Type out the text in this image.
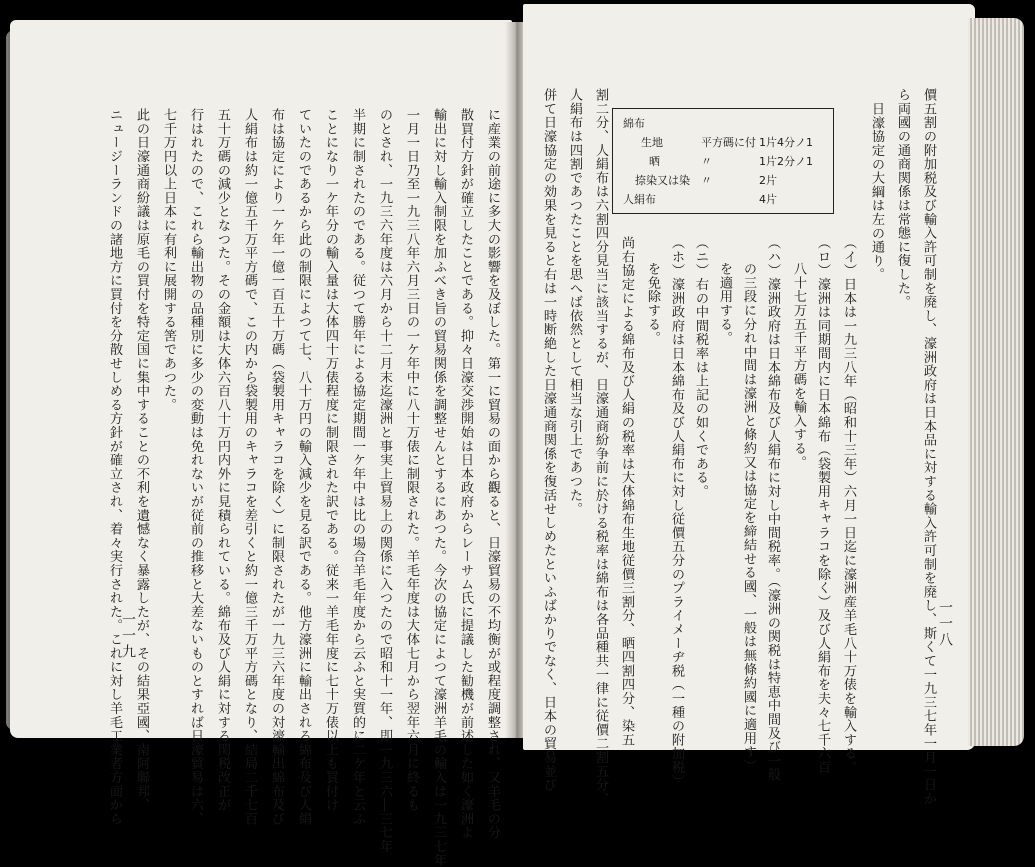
に産業の前途に多大の影響を及ぼした。第一に貿易の面から觀ると、日濠貿易の不均衡が或程度調整され、又羊毛の分
散買付方針が確立したことである。抑々日濠交渉開始は日本政府からレーサム氏に提議した勧機が前述した如く濠洲よ
輸出に対し輸入制限を加ふべき旨の貿易関係を調整せんとするにあつた。今次の協定によつて濠洲羊毛の輸入は一九三七年
一月一日乃至一九三八年六月三日の一ケ年中に八十万俵に制限された。羊毛年度は大体七月から翌年六月に終るも
のとされ、一九三六年度は六月から十二月末迄濠洲と事実上貿易上の関係に入つたので昭和十一年、即一九三六―三七年
半期に制されたのである。従つて勝年による協定期間一ケ年中は比の場合羊毛年度から云ふと実質的に二ケ年と云ふ
ことになり一ケ年分の輸入量は大体四十万俵程度に制限された訳である。従来一羊毛年度に七十万俵以上も買付け
ていたのであるから此の制限によつて七、八十万円の輸入減少を見る訳である。他方濠洲に輸出される綿布及び人絹
布は協定により一ケ年一億一百五十万碼（袋製用キャラコを除く）に制限されたが一九三六年度の対濠輸出綿布及び
人絹布は約一億五千万平方碼で、この内から袋製用のキャラコを差引くと約一億三千万平方碼となり、結局二千七百
五十万碼の減少となつた。その金額は大体六百八十万円内外に見積られている。綿布及び人絹に対する関税改正が
行はれたので、これら輸出物の品種別に多少の変動は免れないが従前の推移と大差ないものとすれば日濠貿易は六、
七千万円以上日本に有利に展開する筈であつた。
此の日濠通商紛議は原毛の買付を特定国に集中することの不利を遺憾なく暴露したが、その結果亞國、南阿聯邦、
ニュージーランドの諸地方に買付を分散せしめる方針が確立され、着々実行された。これに対し羊毛工業者方面から
一一九	一一八
價五割の附加税及び輸入許可制を廃し、濠洲政府は日本品に対する輸入許可制を廃し、斯くて一九三七年一月一日か
ら両國の通商関係は常態に復した。
日濠協定の大綱は左の通り。
（イ）日本は一九三八年（昭和十三年）六月一日迄に濠洲産羊毛八十万俵を輸入する。
（ロ）濠洲は同期間内に日本綿布（袋製用キャラコを除く）及び人絹布を夫々七千六百
八十七万五千平方碼を輸入する。
（ハ）濠洲政府は日本綿布及び人絹布に対し中間税率。（濠洲の関税は特恵中間及び一般
の三段に分れ中間は濠洲と條約又は協定を締結せる國、一般は無條約國に適用す）
を適用する。
（ニ）右の中間税率は上記の如くである。
（ホ）濠洲政府は日本綿布及び人絹布に対し従價五分のプライメーヂ税（一種の附加税）
を免除する。
尚右協定による綿布及び人絹の税率は大体綿布生地従價三割分、晒四割四分、染五
割二分、人絹布は六割四分見当に該当するが、日濠通商紛争前に於ける税率は綿布は各品種共一律に従價二割五分、
人絹布は四割であつたことを思へば依然として相当な引上であつた。
併て日濠協定の効果を見ると右は一時断絶した日濠通商関係を復活せしめたといふばかりでなく、日本の貿易並び	綿布
生地	平方碼に付 1片4分ノ1
晒	〃	1片2分ノ1
捺染又は染 〃	2片
人絹布	4片
